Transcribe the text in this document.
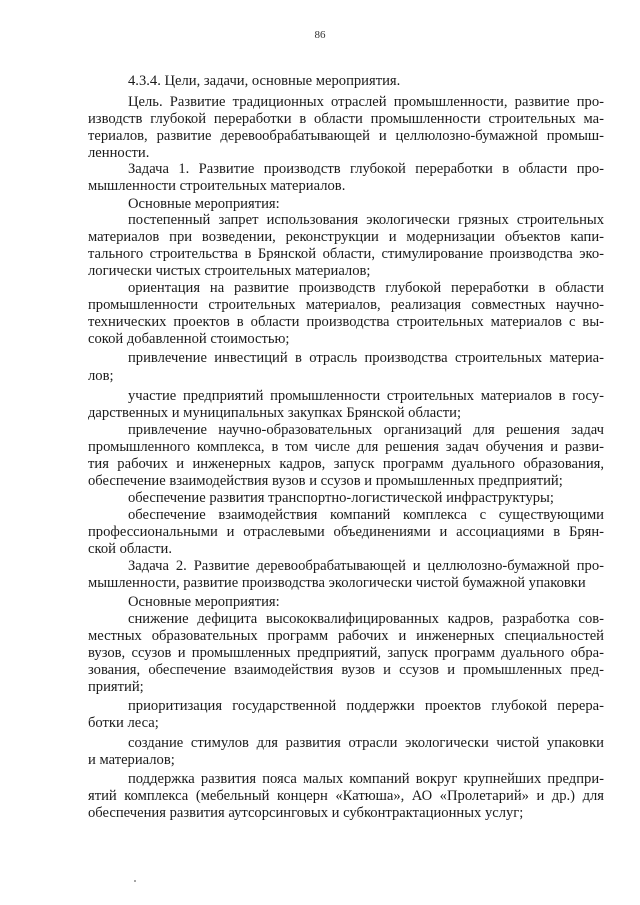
86
4.3.4. Цели, задачи, основные мероприятия.
Цель. Развитие традиционных отраслей промышленности, развитие про-
изводств глубокой переработки в области промышленности строительных ма-
териалов, развитие деревообрабатывающей и целлюлозно-бумажной промыш-
ленности.
Задача 1. Развитие производств глубокой переработки в области про-
мышленности строительных материалов.
Основные мероприятия:
постепенный запрет использования экологически грязных строительных
материалов при возведении, реконструкции и модернизации объектов капи-
тального строительства в Брянской области, стимулирование производства эко-
логически чистых строительных материалов;
ориентация на развитие производств глубокой переработки в области
промышленности строительных материалов, реализация совместных научно-
технических проектов в области производства строительных материалов с вы-
сокой добавленной стоимостью;
привлечение инвестиций в отрасль производства строительных материа-
лов;
участие предприятий промышленности строительных материалов в госу-
дарственных и муниципальных закупках Брянской области;
привлечение научно-образовательных организаций для решения задач
промышленного комплекса, в том числе для решения задач обучения и разви-
тия рабочих и инженерных кадров, запуск программ дуального образования,
обеспечение взаимодействия вузов и ссузов и промышленных предприятий;
обеспечение развития транспортно-логистической инфраструктуры;
обеспечение взаимодействия компаний комплекса с существующими
профессиональными и отраслевыми объединениями и ассоциациями в Брян-
ской области.
Задача 2. Развитие деревообрабатывающей и целлюлозно-бумажной про-
мышленности, развитие производства экологически чистой бумажной упаковки
Основные мероприятия:
снижение дефицита высококвалифицированных кадров, разработка сов-
местных образовательных программ рабочих и инженерных специальностей
вузов, ссузов и промышленных предприятий, запуск программ дуального обра-
зования, обеспечение взаимодействия вузов и ссузов и промышленных пред-
приятий;
приоритизация государственной поддержки проектов глубокой перера-
ботки леса;
создание стимулов для развития отрасли экологически чистой упаковки
и материалов;
поддержка развития пояса малых компаний вокруг крупнейших предпри-
ятий комплекса (мебельный концерн «Катюша», АО «Пролетарий» и др.) для
обеспечения развития аутсорсинговых и субконтрактационных услуг;
